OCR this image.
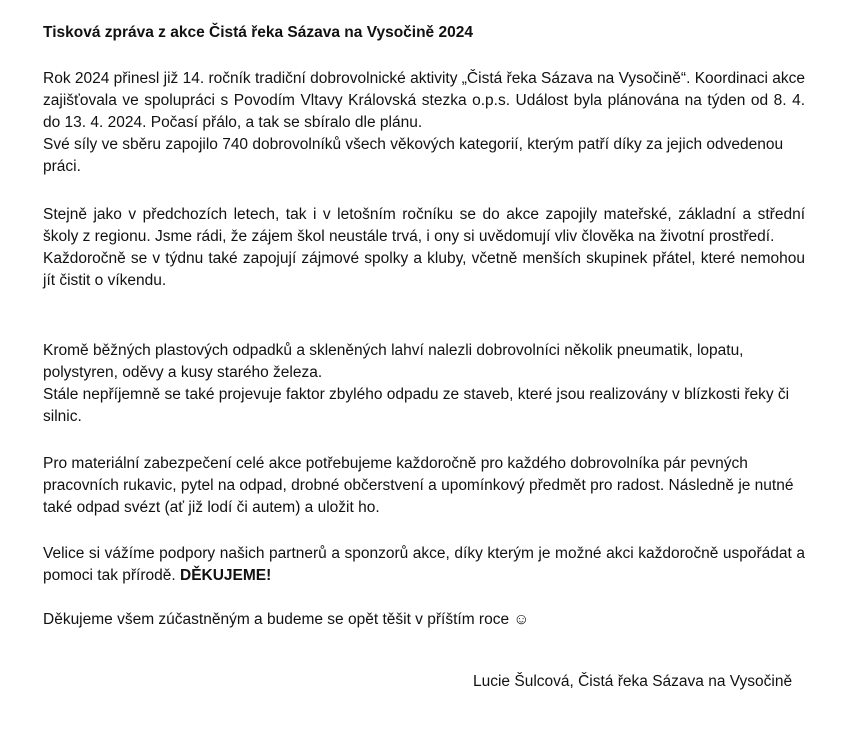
Tisková zpráva z akce Čistá řeka Sázava na Vysočině 2024

Rok 2024 přinesl již 14. ročník tradiční dobrovolnické aktivity „Čistá řeka Sázava na Vysočině“. Koordinaci akce zajišťovala ve spolupráci s Povodím Vltavy Královská stezka o.p.s. Událost byla plánována na týden od 8. 4. do 13. 4. 2024. Počasí přálo, a tak se sbíralo dle plánu.

Své síly ve sběru zapojilo 740 dobrovolníků všech věkových kategorií, kterým patří díky za jejich odvedenou práci.

Stejně jako v předchozích letech, tak i v letošním ročníku se do akce zapojily mateřské, základní a střední školy z regionu. Jsme rádi, že zájem škol neustále trvá, i ony si uvědomují vliv člověka na životní prostředí.

Každoročně se v týdnu také zapojují zájmové spolky a kluby, včetně menších skupinek přátel, které nemohou jít čistit o víkendu.

Kromě běžných plastových odpadků a skleněných lahví nalezli dobrovolníci několik pneumatik, lopatu, polystyren, oděvy a kusy starého železa.

Stále nepříjemně se také projevuje faktor zbylého odpadu ze staveb, které jsou realizovány v blízkosti řeky či silnic.

Pro materiální zabezpečení celé akce potřebujeme každoročně pro každého dobrovolníka pár pevných pracovních rukavic, pytel na odpad, drobné občerstvení a upomínkový předmět pro radost. Následně je nutné také odpad svézt (ať již lodí či autem) a uložit ho.

Velice si vážíme podpory našich partnerů a sponzorů akce, díky kterým je možné akci každoročně uspořádat a pomoci tak přírodě. DĚKUJEME!

Děkujeme všem zúčastněným a budeme se opět těšit v příštím roce ☺

Lucie Šulcová, Čistá řeka Sázava na Vysočině
